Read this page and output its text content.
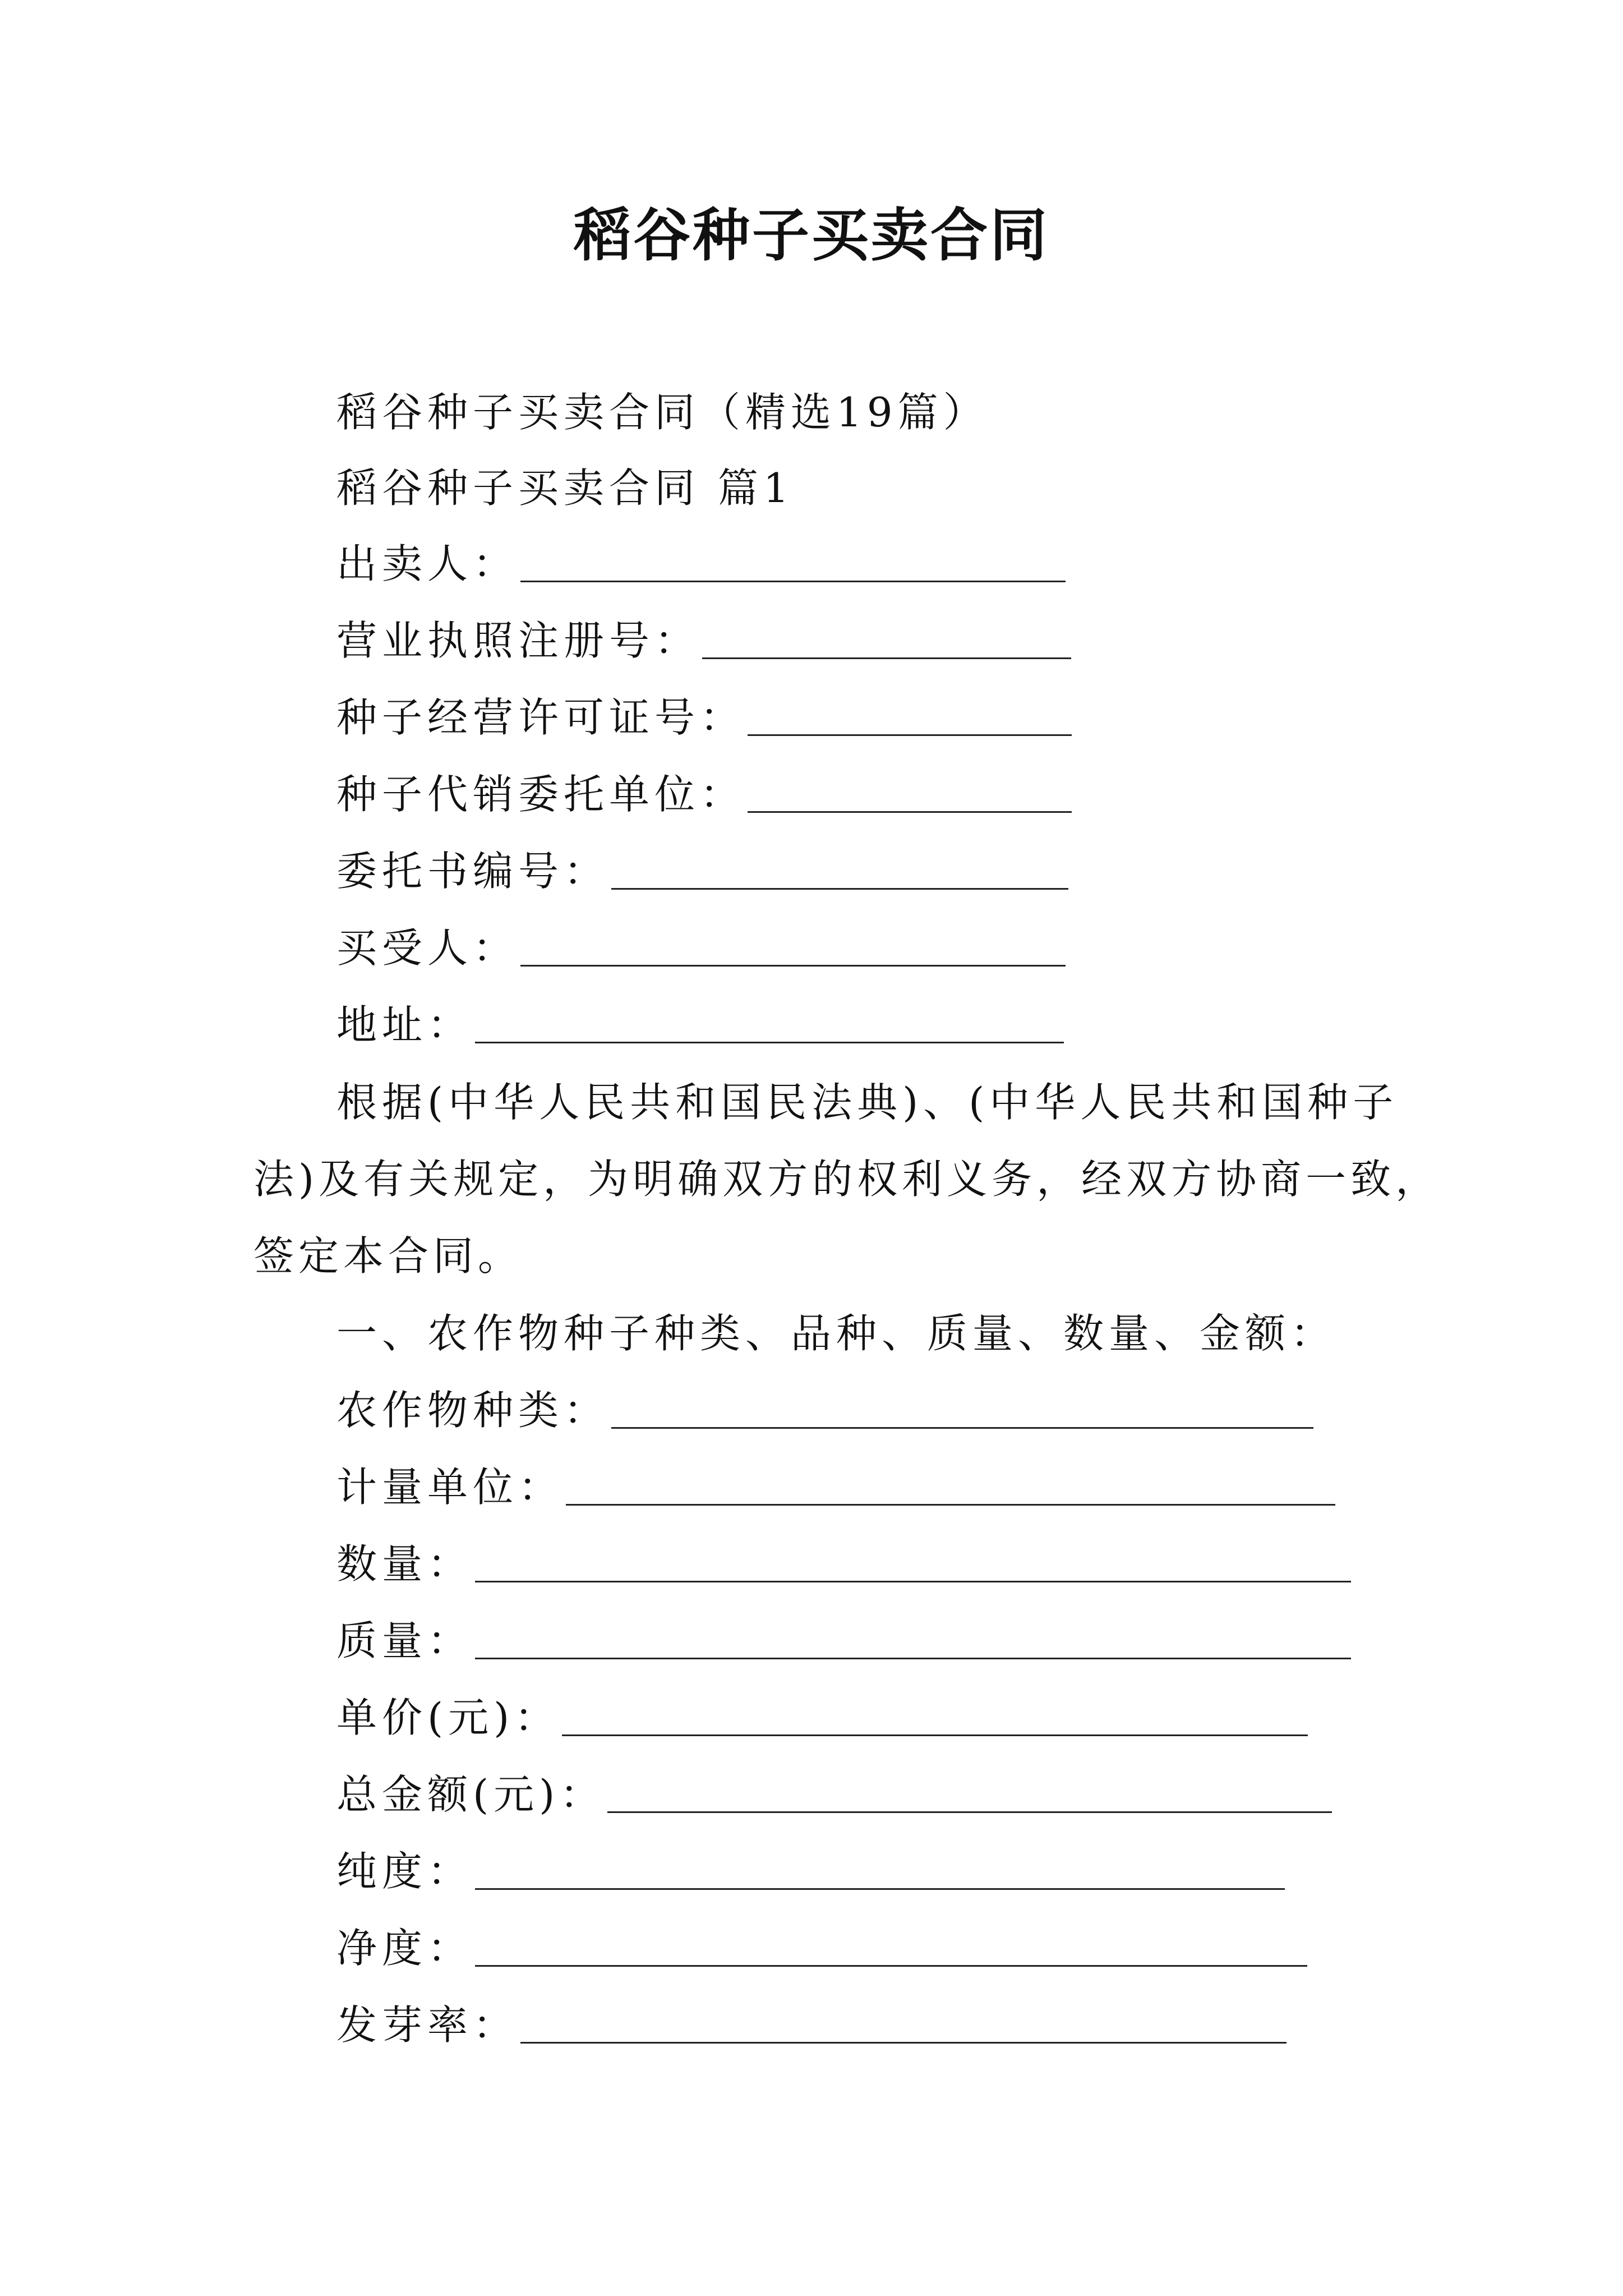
稻谷种子买卖合同

稻谷种子买卖合同（精选19篇）

稻谷种子买卖合同 篇1

出卖人：
营业执照注册号：
种子经营许可证号：
种子代销委托单位：
委托书编号：
买受人：
地址：

根据(中华人民共和国民法典)、(中华人民共和国种子

法)及有关规定，为明确双方的权利义务，经双方协商一致，

签定本合同。

一、农作物种子种类、品种、质量、数量、金额：

农作物种类：
计量单位：
数量：
质量：
单价(元)：
总金额(元)：
纯度：
净度：
发芽率：
